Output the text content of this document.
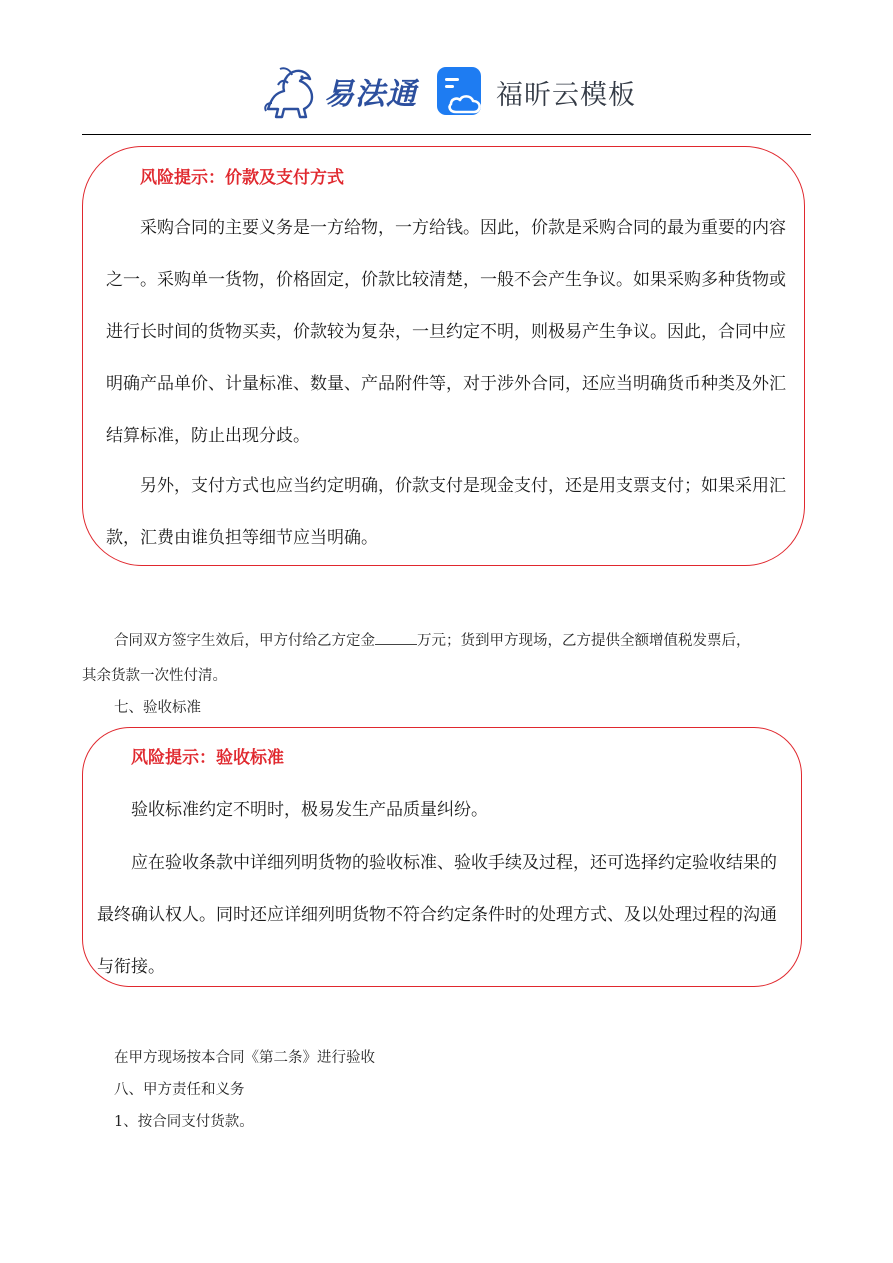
易法通	福昕云模板
风险提示：价款及支付方式
采购合同的主要义务是一方给物，一方给钱。因此，价款是采购合同的最为重要的内容
之一。采购单一货物，价格固定，价款比较清楚，一般不会产生争议。如果采购多种货物或
进行长时间的货物买卖，价款较为复杂，一旦约定不明，则极易产生争议。因此，合同中应
明确产品单价、计量标准、数量、产品附件等，对于涉外合同，还应当明确货币种类及外汇
结算标准，防止出现分歧。
另外，支付方式也应当约定明确，价款支付是现金支付，还是用支票支付；如果采用汇
款，汇费由谁负担等细节应当明确。
合同双方签字生效后，甲方付给乙方定金	万元；货到甲方现场，乙方提供全额增值税发票后，
其余货款一次性付清。
七、验收标准
风险提示：验收标准
验收标准约定不明时，极易发生产品质量纠纷。
应在验收条款中详细列明货物的验收标准、验收手续及过程，还可选择约定验收结果的
最终确认权人。同时还应详细列明货物不符合约定条件时的处理方式、及以处理过程的沟通
与衔接。
在甲方现场按本合同《第二条》进行验收
八、甲方责任和义务
1、按合同支付货款。
